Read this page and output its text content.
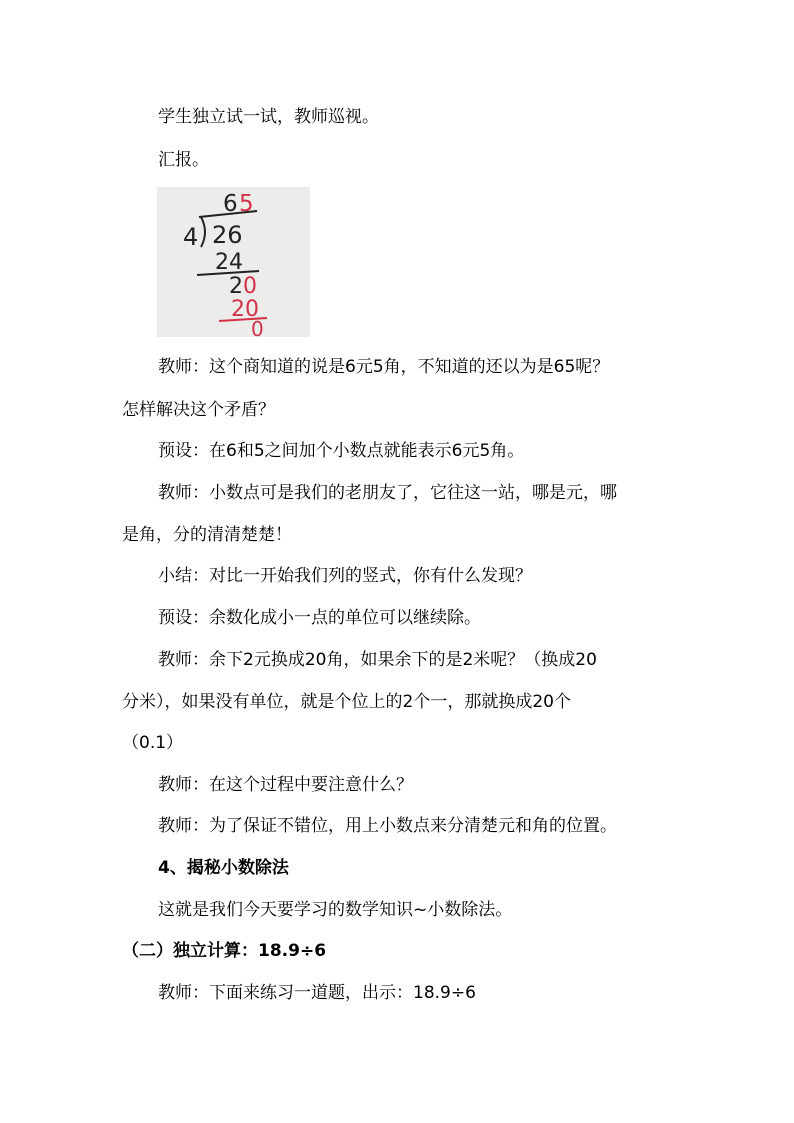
学生独立试一试，教师巡视。
汇报。
6 5
4 26
24
2 0
20
0
教师：这个商知道的说是6元5角，不知道的还以为是65呢？
怎样解决这个矛盾？
预设：在6和5之间加个小数点就能表示6元5角。
教师：小数点可是我们的老朋友了，它往这一站，哪是元，哪
是角，分的清清楚楚！
小结：对比一开始我们列的竖式，你有什么发现？
预设：余数化成小一点的单位可以继续除。
教师：余下2元换成20角，如果余下的是2米呢？（换成20
分米），如果没有单位，就是个位上的2个一，那就换成20个
（0.1）
教师：在这个过程中要注意什么？
教师：为了保证不错位，用上小数点来分清楚元和角的位置。
4、揭秘小数除法
这就是我们今天要学习的数学知识~小数除法。
（二）独立计算：18.9÷6
教师：下面来练习一道题，出示：18.9÷6
